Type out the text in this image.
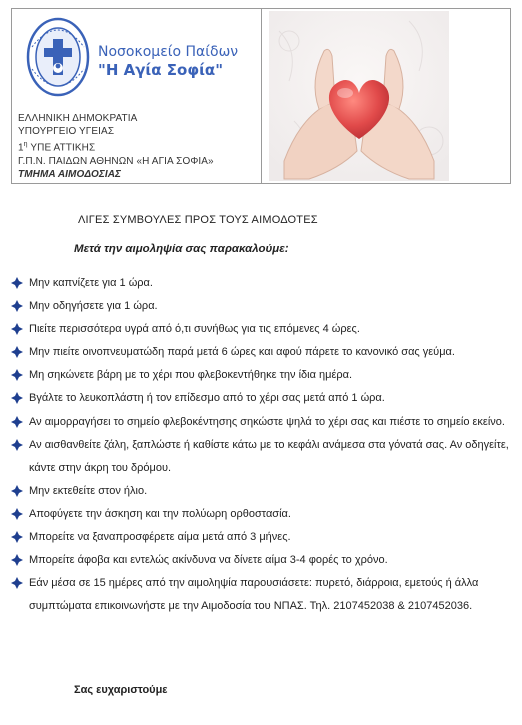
Νοσοκομείο Παίδων
"Η Αγία Σοφία"
ΕΛΛΗΝΙΚΗ ΔΗΜΟΚΡΑΤΙΑ
ΥΠΟΥΡΓΕΙΟ ΥΓΕΙΑΣ
$1^\eta$ ΥΠΕ ΑΤΤΙΚΗΣ
Γ.Π.Ν. ΠΑΙΔΩΝ ΑΘΗΝΩΝ «Η ΑΓΙΑ ΣΟΦΙΑ»
ΤΜΗΜΑ ΑΙΜΟΔΟΣΙΑΣ
ΛΙΓΕΣ ΣΥΜΒΟΥΛΕΣ ΠΡΟΣ ΤΟΥΣ ΑΙΜΟΔΟΤΕΣ
Μετά την αιμοληψία σας παρακαλούμε:
Μην καπνίζετε για 1 ώρα.
Μην οδηγήσετε για 1 ώρα.
Πιείτε περισσότερα υγρά από ό,τι συνήθως για τις επόμενες 4 ώρες.
Μην πιείτε οινοπνευματώδη παρά μετά 6 ώρες και αφού πάρετε το κανονικό σας γεύμα.
Μη σηκώνετε βάρη με το χέρι που φλεβοκεντήθηκε την ίδια ημέρα.
Βγάλτε το λευκοπλάστη ή τον επίδεσμο από το χέρι σας μετά από 1 ώρα.
Αν αιμορραγήσει το σημείο φλεβοκέντησης σηκώστε ψηλά το χέρι σας και πιέστε το σημείο εκείνο.
Αν αισθανθείτε ζάλη, ξαπλώστε ή καθίστε κάτω με το κεφάλι ανάμεσα στα γόνατά σας. Αν οδηγείτε, κάντε στην άκρη του δρόμου.
Μην εκτεθείτε στον ήλιο.
Αποφύγετε την άσκηση και την πολύωρη ορθοστασία.
Μπορείτε να ξαναπροσφέρετε αίμα μετά από 3 μήνες.
Μπορείτε άφοβα και εντελώς ακίνδυνα να δίνετε αίμα 3-4 φορές το χρόνο.
Εάν μέσα σε 15 ημέρες από την αιμοληψία παρουσιάσετε: πυρετό, διάρροια, εμετούς ή άλλα συμπτώματα επικοινωνήστε με την Αιμοδοσία του ΝΠΑΣ. Τηλ. 2107452038 & 2107452036.
Σας ευχαριστούμε
